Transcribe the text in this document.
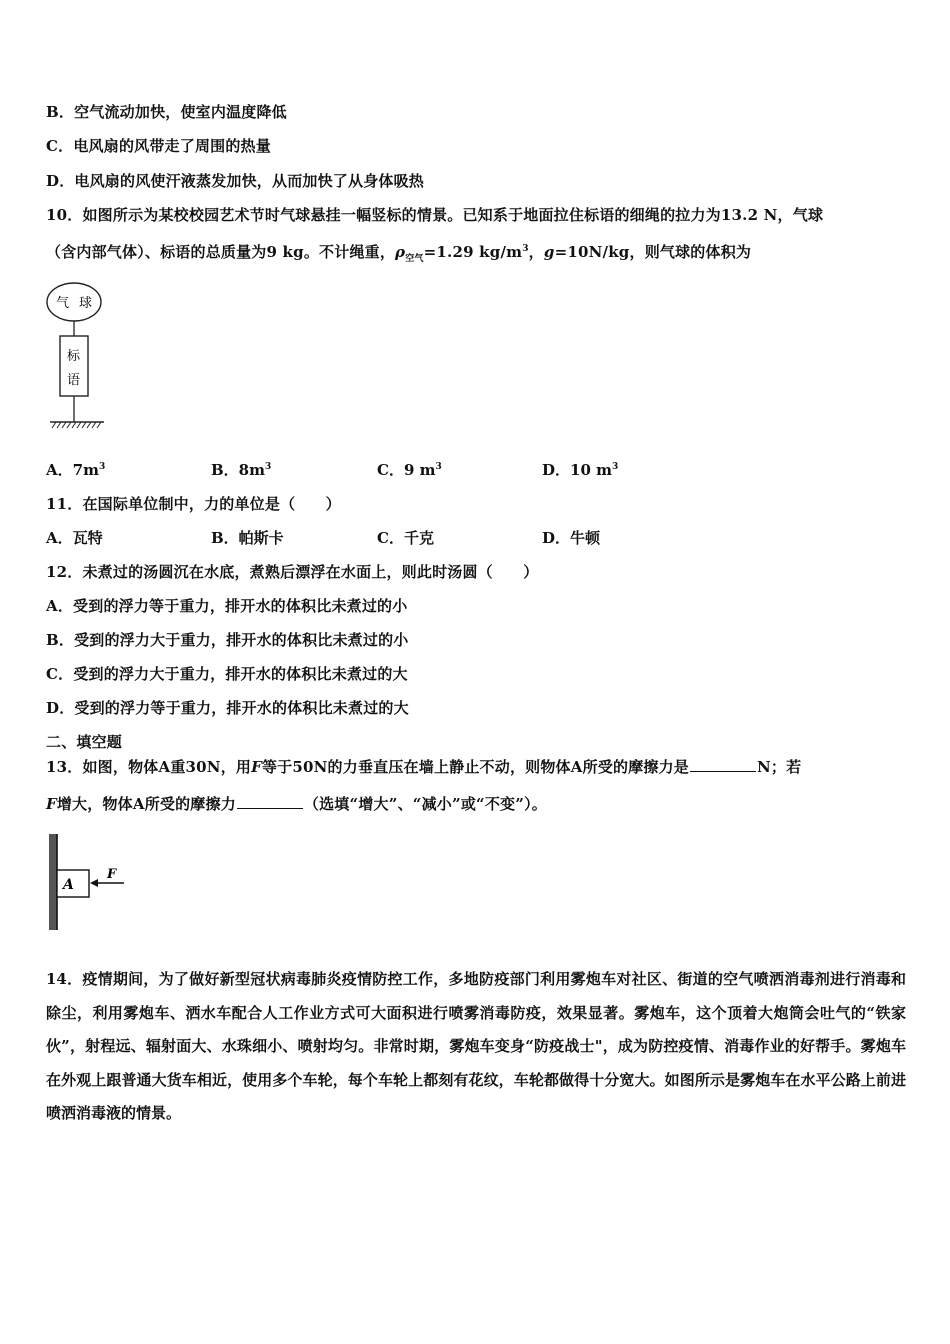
B．空气流动加快，使室内温度降低
C．电风扇的风带走了周围的热量
D．电风扇的风使汗液蒸发加快，从而加快了从身体吸热
10．如图所示为某校校园艺术节时气球悬挂一幅竖标的情景。已知系于地面拉住标语的细绳的拉力为13.2 N，气球
（含内部气体）、标语的总质量为9 kg。不计绳重，$\rho_{空气}=1.29$ $kg/m^3$，g=10N/kg，则气球的体积为
气 球
标
语
A．$7m^3$	B．$8m^3$	C．9 $m^3$	D．10 $m^3$
11．在国际单位制中，力的单位是（　　）
A．瓦特	B．帕斯卡	C．千克	D．牛顿
12．未煮过的汤圆沉在水底，煮熟后漂浮在水面上，则此时汤圆（　　）
A．受到的浮力等于重力，排开水的体积比未煮过的小
B．受到的浮力大于重力，排开水的体积比未煮过的小
C．受到的浮力大于重力，排开水的体积比未煮过的大
D．受到的浮力等于重力，排开水的体积比未煮过的大
二、填空题
13．如图，物体A重30N，用F等于50N的力垂直压在墙上静止不动，则物体A所受的摩擦力是	N；若
F增大，物体A所受的摩擦力	（选填“增大”、“减小”或“不变”）。
A
F
14．疫情期间，为了做好新型冠状病毒肺炎疫情防控工作，多地防疫部门利用雾炮车对社区、街道的空气喷洒消毒剂进行消毒和除尘，利用雾炮车、洒水车配合人工作业方式可大面积进行喷雾消毒防疫，效果显著。雾炮车，这个顶着大炮筒会吐气的“铁家伙”，射程远、辐射面大、水珠细小、喷射均匀。非常时期，雾炮车变身“防疫战士"，成为防控疫情、消毒作业的好帮手。雾炮车在外观上跟普通大货车相近，使用多个车轮，每个车轮上都刻有花纹，车轮都做得十分宽大。如图所示是雾炮车在水平公路上前进喷洒消毒液的情景。
